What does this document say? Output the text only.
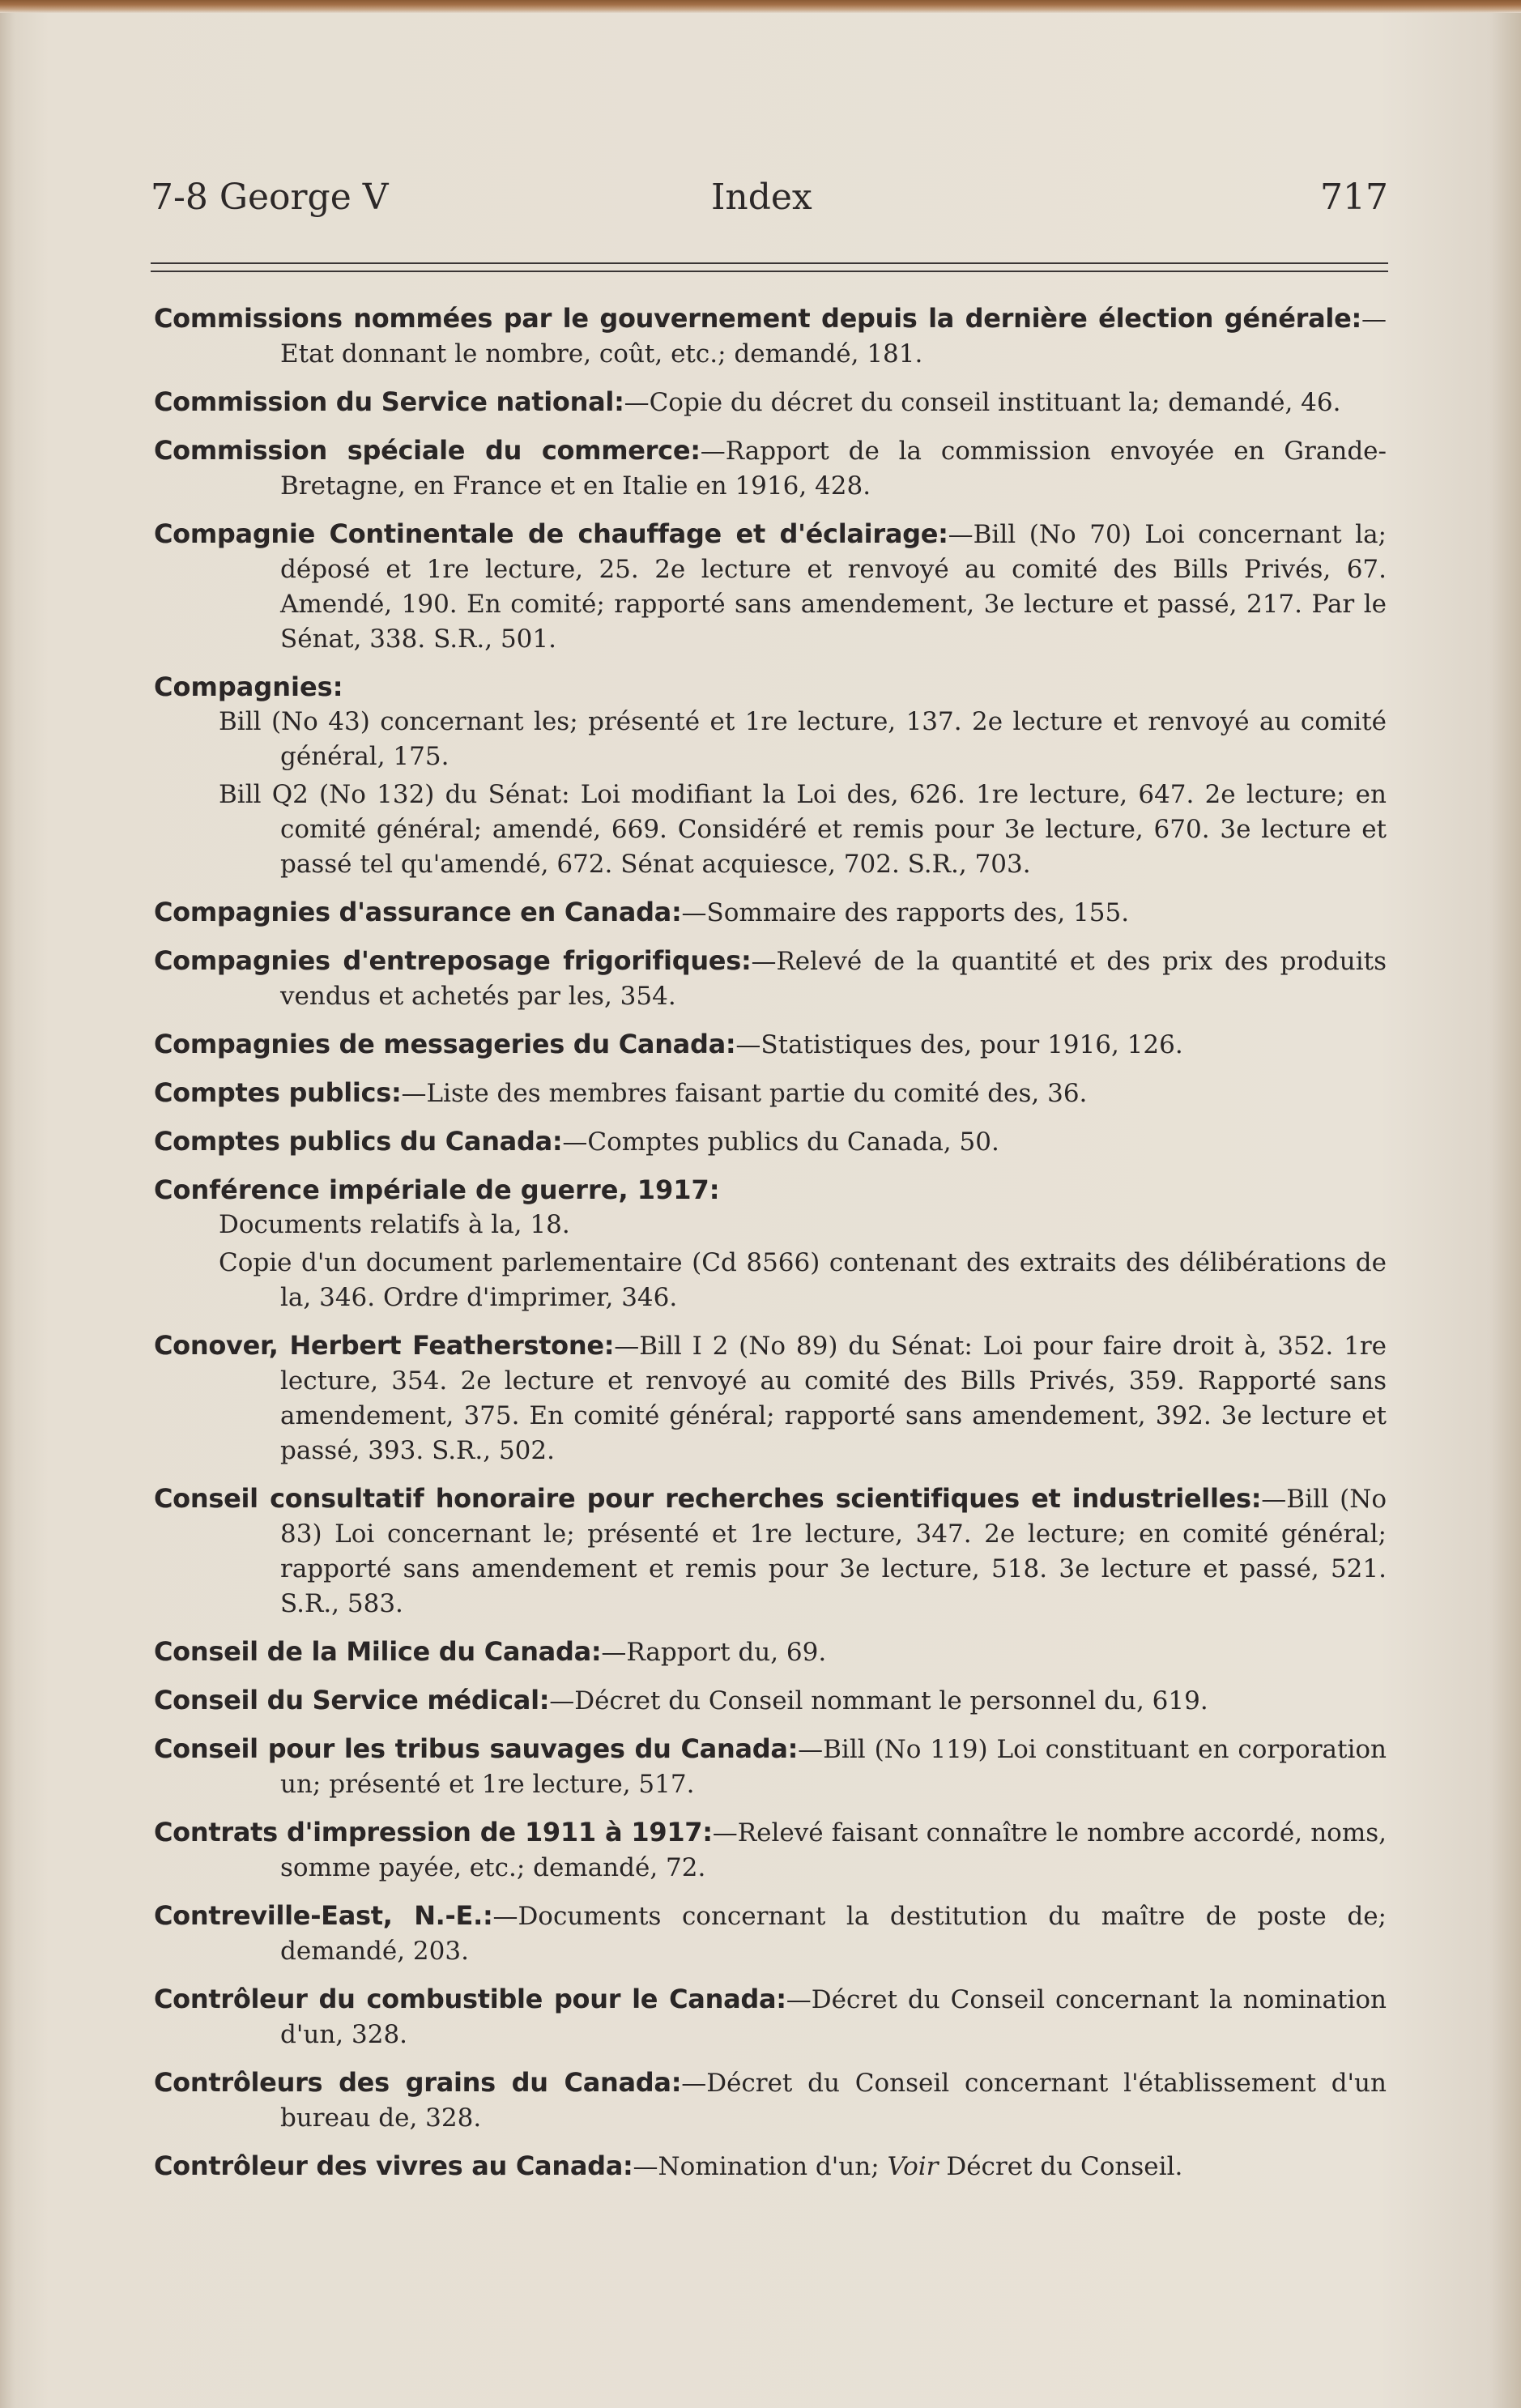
7-8 George V	Index	717
Commissions nommées par le gouvernement depuis la dernière élection générale:— Etat donnant le nombre, coût, etc.; demandé, 181.
Commission du Service national:—Copie du décret du conseil instituant la; demandé, 46.
Commission spéciale du commerce:—Rapport de la commission envoyée en Grande-Bretagne, en France et en Italie en 1916, 428.
Compagnie Continentale de chauffage et d'éclairage:—Bill (No 70) Loi concernant la; déposé et 1re lecture, 25. 2e lecture et renvoyé au comité des Bills Privés, 67. Amendé, 190. En comité; rapporté sans amendement, 3e lecture et passé, 217. Par le Sénat, 338. S.R., 501.
Compagnies:
Bill (No 43) concernant les; présenté et 1re lecture, 137. 2e lecture et renvoyé au comité général, 175.
Bill Q2 (No 132) du Sénat: Loi modifiant la Loi des, 626. 1re lecture, 647. 2e lecture; en comité général; amendé, 669. Considéré et remis pour 3e lecture, 670. 3e lecture et passé tel qu'amendé, 672. Sénat acquiesce, 702. S.R., 703.
Compagnies d'assurance en Canada:—Sommaire des rapports des, 155.
Compagnies d'entreposage frigorifiques:—Relevé de la quantité et des prix des produits vendus et achetés par les, 354.
Compagnies de messageries du Canada:—Statistiques des, pour 1916, 126.
Comptes publics:—Liste des membres faisant partie du comité des, 36.
Comptes publics du Canada:—Comptes publics du Canada, 50.
Conférence impériale de guerre, 1917:
Documents relatifs à la, 18.
Copie d'un document parlementaire (Cd 8566) contenant des extraits des délibérations de la, 346. Ordre d'imprimer, 346.
Conover, Herbert Featherstone:—Bill I 2 (No 89) du Sénat: Loi pour faire droit à, 352. 1re lecture, 354. 2e lecture et renvoyé au comité des Bills Privés, 359. Rapporté sans amendement, 375. En comité général; rapporté sans amendement, 392. 3e lecture et passé, 393. S.R., 502.
Conseil consultatif honoraire pour recherches scientifiques et industrielles:—Bill (No 83) Loi concernant le; présenté et 1re lecture, 347. 2e lecture; en comité général; rapporté sans amendement et remis pour 3e lecture, 518. 3e lecture et passé, 521. S.R., 583.
Conseil de la Milice du Canada:—Rapport du, 69.
Conseil du Service médical:—Décret du Conseil nommant le personnel du, 619.
Conseil pour les tribus sauvages du Canada:—Bill (No 119) Loi constituant en corporation un; présenté et 1re lecture, 517.
Contrats d'impression de 1911 à 1917:—Relevé faisant connaître le nombre accordé, noms, somme payée, etc.; demandé, 72.
Contreville-East, N.-E.:—Documents concernant la destitution du maître de poste de; demandé, 203.
Contrôleur du combustible pour le Canada:—Décret du Conseil concernant la nomination d'un, 328.
Contrôleurs des grains du Canada:—Décret du Conseil concernant l'établissement d'un bureau de, 328.
Contrôleur des vivres au Canada:—Nomination d'un; Voir Décret du Conseil.
